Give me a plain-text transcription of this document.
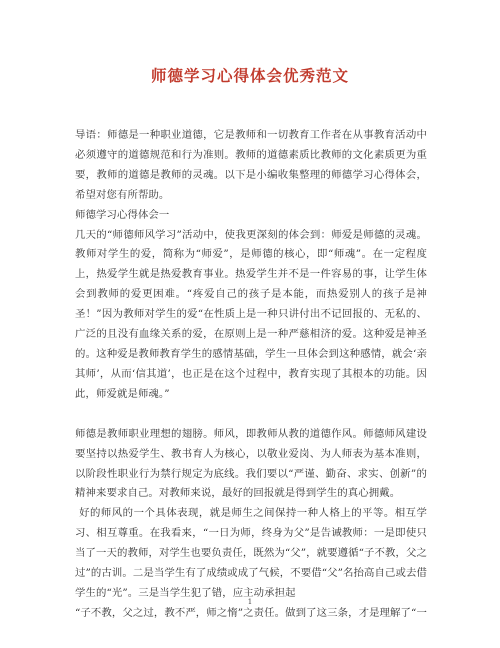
师德学习心得体会优秀范文

导语：师德是一种职业道德，它是教师和一切教育工作者在从事教育活动中必须遵守的道德规范和行为准则。教师的道德素质比教师的文化素质更为重要，教师的道德是教师的灵魂。以下是小编收集整理的师德学习心得体会，希望对您有所帮助。

师德学习心得体会一

几天的“师德师风学习”活动中，使我更深刻的体会到：师爱是师德的灵魂。教师对学生的爱，简称为“师爱”，是师德的核心，即“师魂”。在一定程度上，热爱学生就是热爱教育事业。热爱学生并不是一件容易的事，让学生体会到教师的爱更困难。“疼爱自己的孩子是本能，而热爱别人的孩子是神圣！”因为教师对学生的爱“在性质上是一种只讲付出不记回报的、无私的、广泛的且没有血缘关系的爱，在原则上是一种严慈相济的爱。这种爱是神圣的。这种爱是教师教育学生的感情基础，学生一旦体会到这种感情，就会‘亲其师’，从而‘信其道’，也正是在这个过程中，教育实现了其根本的功能。因此，师爱就是师魂。”

师德是教师职业理想的翅膀。师风，即教师从教的道德作风。师德师风建设要坚持以热爱学生、教书育人为核心，以敬业爱岗、为人师表为基本准则，以阶段性职业行为禁行规定为底线。我们要以“严谨、勤奋、求实、创新”的精神来要求自己。对教师来说，最好的回报就是得到学生的真心拥戴。

好的师风的一个具体表现，就是师生之间保持一种人格上的平等。相互学习、相互尊重。在我看来，“一日为师，终身为父”是告诫教师：一是即使只当了一天的教师，对学生也要负责任，既然为“父”，就要遵循“子不教，父之过”的古训。二是当学生有了成绩或成了气候，不要借“父”名抬高自己或去借学生的“光”。三是当学生犯了错，应主动承担起

“子不教，父之过，教不严，师之惰”之责任。做到了这三条，才是理解了“一

1
